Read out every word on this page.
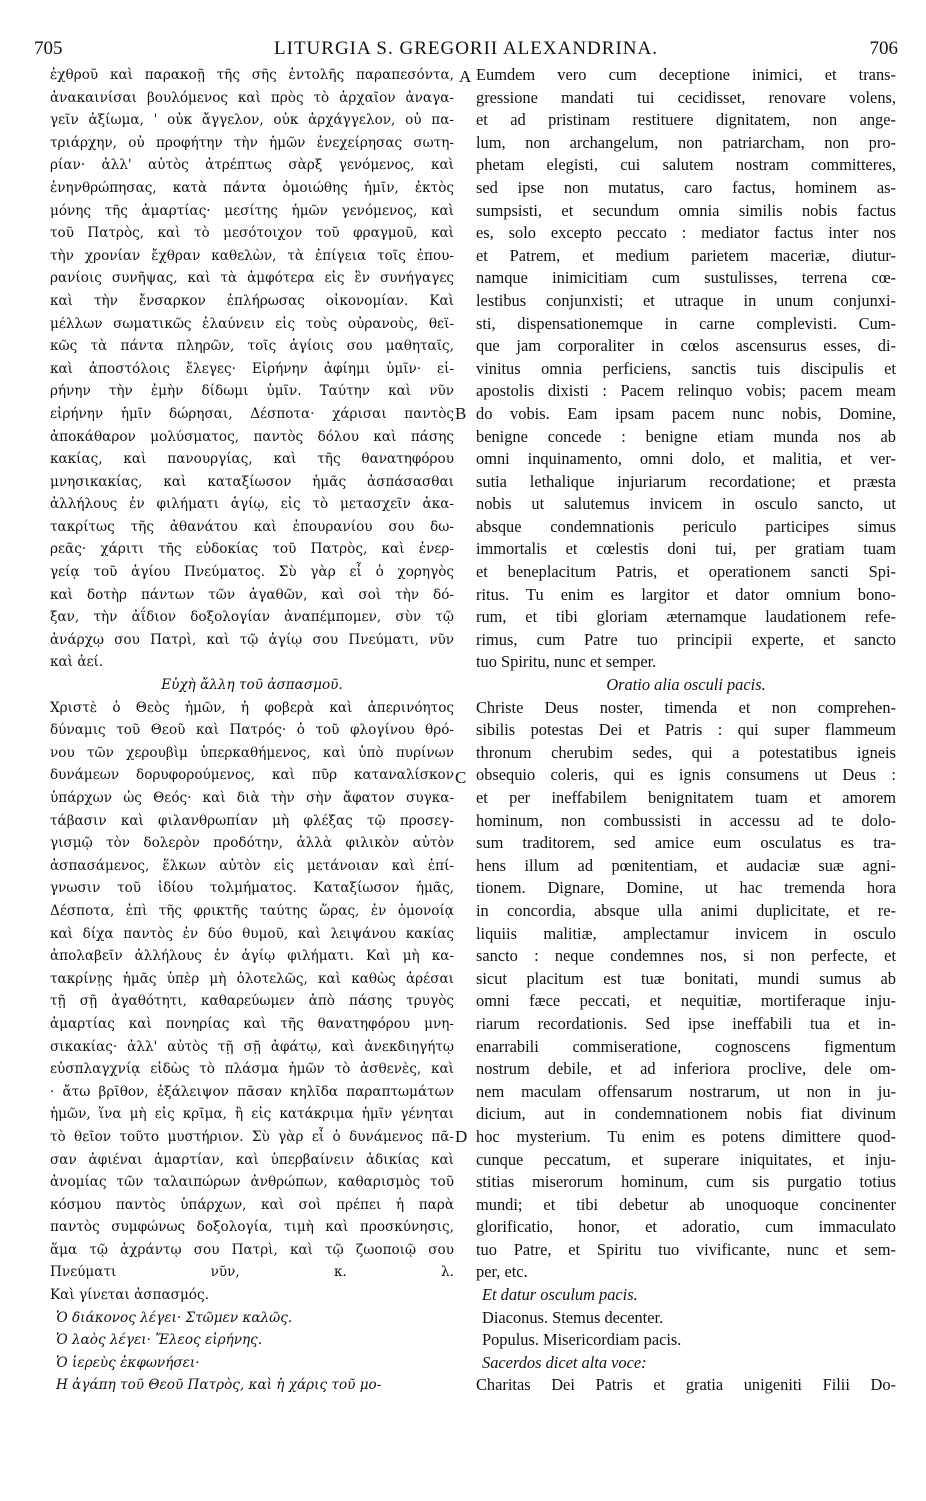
705	LITURGIA S. GREGORII ALEXANDRINA.	706
ἐχθροῦ καὶ παρακοῇ τῆς σῆς ἐντολῆς παραπεσόντα,
ἀνακαινίσαι βουλόμενος καὶ πρὸς τὸ ἀρχαῖον ἀναγα-
γεῖν ἀξίωμα, ' οὐκ ἄγγελον, οὐκ ἀρχάγγελον, οὐ πα-
τριάρχην, οὐ προφήτην τὴν ἡμῶν ἐνεχείρησας σωτη-
ρίαν· ἀλλ' αὐτὸς ἀτρέπτως σὰρξ γενόμενος, καὶ
ἐνηνθρώπησας, κατὰ πάντα ὁμοιώθης ἡμῖν, ἐκτὸς
μόνης τῆς ἁμαρτίας· μεσίτης ἡμῶν γενόμενος, καὶ
τοῦ Πατρὸς, καὶ τὸ μεσότοιχον τοῦ φραγμοῦ, καὶ
τὴν χρονίαν ἔχθραν καθελὼν, τὰ ἐπίγεια τοῖς ἐπου-
ρανίοις συνῆψας, καὶ τὰ ἀμφότερα εἰς ἓν συνήγαγες
καὶ τὴν ἔνσαρκον ἐπλήρωσας οἰκονομίαν. Καὶ
μέλλων σωματικῶς ἐλαύνειν εἰς τοὺς οὐρανοὺς, θεϊ-
κῶς τὰ πάντα πληρῶν, τοῖς ἁγίοις σου μαθηταῖς,
καὶ ἀποστόλοις ἔλεγες· Εἰρήνην ἀφίημι ὑμῖν· εἰ-
ρήνην τὴν ἐμὴν δίδωμι ὑμῖν. Ταύτην καὶ νῦν
εἰρήνην ἡμῖν δώρησαι, Δέσποτα· χάρισαι παντὸς
ἀποκάθαρον μολύσματος, παντὸς δόλου καὶ πάσης
κακίας, καὶ πανουργίας, καὶ τῆς θανατηφόρου
μνησικακίας, καὶ καταξίωσον ἡμᾶς ἀσπάσασθαι
ἀλλήλους ἐν φιλήματι ἁγίῳ, εἰς τὸ μετασχεῖν ἀκα-
τακρίτως τῆς ἀθανάτου καὶ ἐπουρανίου σου δω-
ρεᾶς· χάριτι τῆς εὐδοκίας τοῦ Πατρὸς, καὶ ἐνερ-
γείᾳ τοῦ ἁγίου Πνεύματος. Σὺ γὰρ εἶ ὁ χορηγὸς
καὶ δοτὴρ πάντων τῶν ἀγαθῶν, καὶ σοὶ τὴν δό-
ξαν, τὴν ἀΐδιον δοξολογίαν ἀναπέμπομεν, σὺν τῷ
ἀνάρχῳ σου Πατρὶ, καὶ τῷ ἁγίῳ σου Πνεύματι, νῦν
καὶ ἀεί.
Εὐχὴ ἄλλη τοῦ ἀσπασμοῦ.
Χριστὲ ὁ Θεὸς ἡμῶν, ἡ φοβερὰ καὶ ἀπερινόητος
δύναμις τοῦ Θεοῦ καὶ Πατρός· ὁ τοῦ φλογίνου θρό-
νου τῶν χερουβὶμ ὑπερκαθήμενος, καὶ ὑπὸ πυρίνων
δυνάμεων δορυφορούμενος, καὶ πῦρ καταναλίσκον
ὑπάρχων ὡς Θεός· καὶ διὰ τὴν σὴν ἄφατον συγκα-
τάβασιν καὶ φιλανθρωπίαν μὴ φλέξας τῷ προσεγ-
γισμῷ τὸν δολερὸν προδότην, ἀλλὰ φιλικὸν αὐτὸν
ἀσπασάμενος, ἕλκων αὐτὸν εἰς μετάνοιαν καὶ ἐπί-
γνωσιν τοῦ ἰδίου τολμήματος. Καταξίωσον ἡμᾶς,
Δέσποτα, ἐπὶ τῆς φρικτῆς ταύτης ὥρας, ἐν ὁμονοίᾳ
καὶ δίχα παντὸς ἐν δύο θυμοῦ, καὶ λειψάνου κακίας
ἀπολαβεῖν ἀλλήλους ἐν ἁγίῳ φιλήματι. Καὶ μὴ κα-
τακρίνῃς ἡμᾶς ὑπὲρ μὴ ὁλοτελῶς, καὶ καθὼς ἀρέσαι
τῇ σῇ ἀγαθότητι, καθαρεύωμεν ἀπὸ πάσης τρυγὸς
ἁμαρτίας καὶ πονηρίας καὶ τῆς θανατηφόρου μνη-
σικακίας· ἀλλ' αὐτὸς τῇ σῇ ἀφάτῳ, καὶ ἀνεκδιηγήτῳ
εὐσπλαγχνίᾳ εἰδὼς τὸ πλάσμα ἡμῶν τὸ ἀσθενὲς, καὶ
· ἄτω βρῖθον, ἐξάλειψον πᾶσαν κηλῖδα παραπτωμάτων
ἡμῶν, ἵνα μὴ εἰς κρῖμα, ἢ εἰς κατάκριμα ἡμῖν γένηται
τὸ θεῖον τοῦτο μυστήριον. Σὺ γὰρ εἶ ὁ δυνάμενος πᾶ-
σαν ἀφιέναι ἁμαρτίαν, καὶ ὑπερβαίνειν ἀδικίας καὶ
ἀνομίας τῶν ταλαιπώρων ἀνθρώπων, καθαρισμὸς τοῦ
κόσμου παντὸς ὑπάρχων, καὶ σοὶ πρέπει ἡ παρὰ
παντὸς συμφώνως δοξολογία, τιμὴ καὶ προσκύνησις,
ἅμα τῷ ἀχράντῳ σου Πατρὶ, καὶ τῷ ζωοποιῷ σου
Πνεύματι νῦν, κ. λ.
Καὶ γίνεται ἀσπασμός.
Ὁ διάκονος λέγει· Στῶμεν καλῶς.
Ὁ λαὸς λέγει· Ἔλεος εἰρήνης.
Ὁ ἱερεὺς ἐκφωνήσει·
Η ἀγάπη τοῦ Θεοῦ Πατρὸς, καὶ ἡ χάρις τοῦ μο-
Eumdem vero cum deceptione inimici, et trans-
gressione mandati tui cecidisset, renovare volens,
et ad pristinam restituere dignitatem, non ange-
lum, non archangelum, non patriarcham, non pro-
phetam elegisti, cui salutem nostram committeres,
sed ipse non mutatus, caro factus, hominem as-
sumpsisti, et secundum omnia similis nobis factus
es, solo excepto peccato : mediator factus inter nos
et Patrem, et medium parietem maceriæ, diutur-
namque inimicitiam cum sustulisses, terrena cœ-
lestibus conjunxisti; et utraque in unum conjunxi-
sti, dispensationemque in carne complevisti. Cum-
que jam corporaliter in cœlos ascensurus esses, di-
vinitus omnia perficiens, sanctis tuis discipulis et
apostolis dixisti : Pacem relinquo vobis; pacem meam
do vobis. Eam ipsam pacem nunc nobis, Domine,
benigne concede : benigne etiam munda nos ab
omni inquinamento, omni dolo, et malitia, et ver-
sutia lethalique injuriarum recordatione; et præsta
nobis ut salutemus invicem in osculo sancto, ut
absque condemnationis periculo participes simus
immortalis et cœlestis doni tui, per gratiam tuam
et beneplacitum Patris, et operationem sancti Spi-
ritus. Tu enim es largitor et dator omnium bono-
rum, et tibi gloriam æternamque laudationem refe-
rimus, cum Patre tuo principii experte, et sancto
tuo Spiritu, nunc et semper.
Oratio alia osculi pacis.
Christe Deus noster, timenda et non comprehen-
sibilis potestas Dei et Patris : qui super flammeum
thronum cherubim sedes, qui a potestatibus igneis
obsequio coleris, qui es ignis consumens ut Deus :
et per ineffabilem benignitatem tuam et amorem
hominum, non combussisti in accessu ad te dolo-
sum traditorem, sed amice eum osculatus es tra-
hens illum ad pœnitentiam, et audaciæ suæ agni-
tionem. Dignare, Domine, ut hac tremenda hora
in concordia, absque ulla animi duplicitate, et re-
liquiis malitiæ, amplectamur invicem in osculo
sancto : neque condemnes nos, si non perfecte, et
sicut placitum est tuæ bonitati, mundi sumus ab
omni fæce peccati, et nequitiæ, mortiferaque inju-
riarum recordationis. Sed ipse ineffabili tua et in-
enarrabili commiseratione, cognoscens figmentum
nostrum debile, et ad inferiora proclive, dele om-
nem maculam offensarum nostrarum, ut non in ju-
dicium, aut in condemnationem nobis fiat divinum
hoc mysterium. Tu enim es potens dimittere quod-
cunque peccatum, et superare iniquitates, et inju-
stitias miserorum hominum, cum sis purgatio totius
mundi; et tibi debetur ab unoquoque concinenter
glorificatio, honor, et adoratio, cum immaculato
tuo Patre, et Spiritu tuo vivificante, nunc et sem-
per, etc.
Et datur osculum pacis.
Diaconus. Stemus decenter.
Populus. Misericordiam pacis.
Sacerdos dicet alta voce:
Charitas Dei Patris et gratia unigeniti Filii Do-
A
B
C
D
